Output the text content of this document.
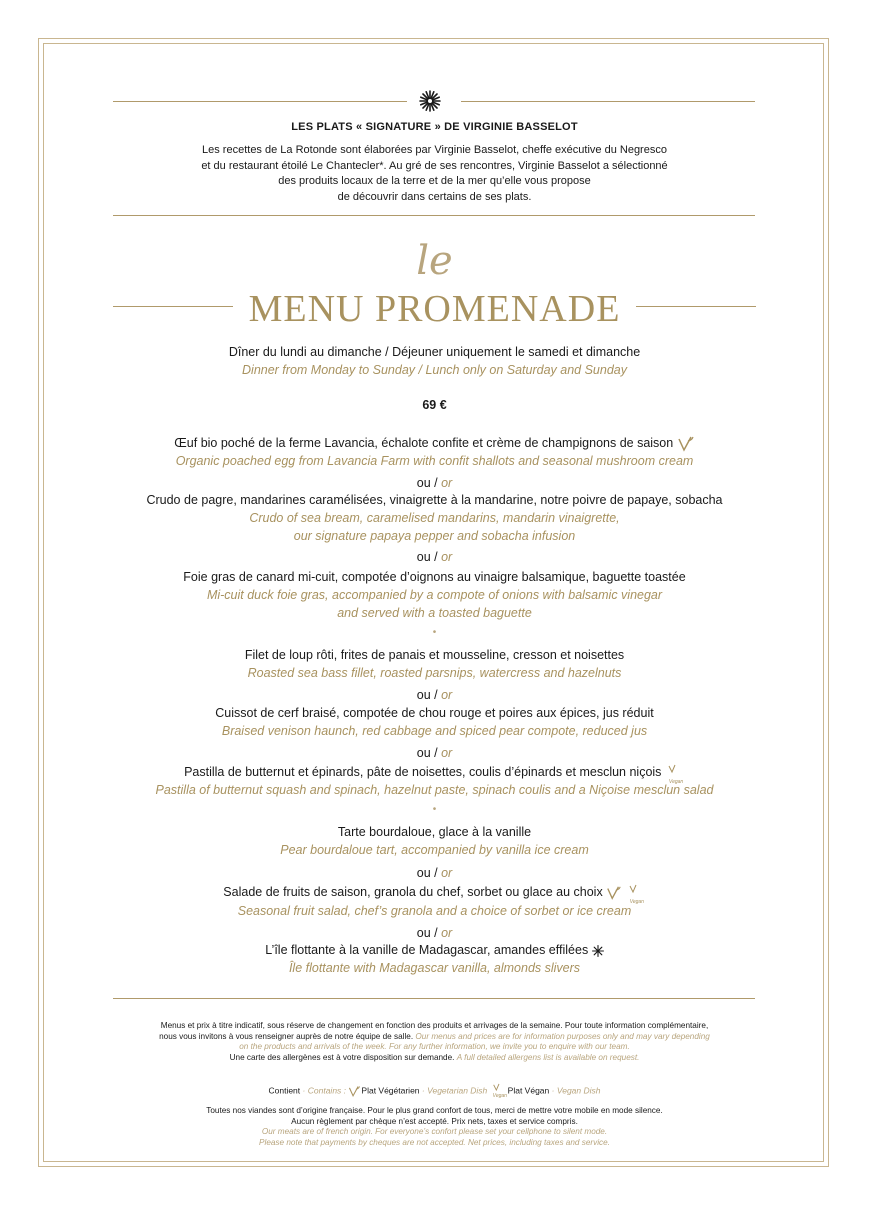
LES PLATS « SIGNATURE » DE VIRGINIE BASSELOT
Les recettes de La Rotonde sont élaborées par Virginie Basselot, cheffe exécutive du Negresco
et du restaurant étoilé Le Chantecler*. Au gré de ses rencontres, Virginie Basselot a sélectionné
des produits locaux de la terre et de la mer qu’elle vous propose
de découvrir dans certains de ses plats.
le
MENU PROMENADE
Dîner du lundi au dimanche / Déjeuner uniquement le samedi et dimanche
Dinner from Monday to Sunday / Lunch only on Saturday and Sunday
69 €
Œuf bio poché de la ferme Lavancia, échalote confite et crème de champignons de saison
Organic poached egg from Lavancia Farm with confit shallots and seasonal mushroom cream
ou / or
Crudo de pagre, mandarines caramélisées, vinaigrette à la mandarine, notre poivre de papaye, sobacha
Crudo of sea bream, caramelised mandarins, mandarin vinaigrette,
our signature papaya pepper and sobacha infusion
ou / or
Foie gras de canard mi-cuit, compotée d’oignons au vinaigre balsamique, baguette toastée
Mi-cuit duck foie gras, accompanied by a compote of onions with balsamic vinegar
and served with a toasted baguette
•
Filet de loup rôti, frites de panais et mousseline, cresson et noisettes
Roasted sea bass fillet, roasted parsnips, watercress and hazelnuts
ou / or
Cuissot de cerf braisé, compotée de chou rouge et poires aux épices, jus réduit
Braised venison haunch, red cabbage and spiced pear compote, reduced jus
ou / or
Pastilla de butternut et épinards, pâte de noisettes, coulis d’épinards et mesclun niçois
Vegan
Pastilla of butternut squash and spinach, hazelnut paste, spinach coulis and a Niçoise mesclun salad
•
Tarte bourdaloue, glace à la vanille
Pear bourdaloue tart, accompanied by vanilla ice cream
ou / or
Salade de fruits de saison, granola du chef, sorbet ou glace au choix
Vegan
Seasonal fruit salad, chef’s granola and a choice of sorbet or ice cream
ou / or
L’île flottante à la vanille de Madagascar, amandes effilées
Île flottante with Madagascar vanilla, almonds slivers
Menus et prix à titre indicatif, sous réserve de changement en fonction des produits et arrivages de la semaine. Pour toute information complémentaire,
nous vous invitons à vous renseigner auprès de notre équipe de salle. Our menus and prices are for information purposes only and may vary depending
on the products and arrivals of the week. For any further information, we invite you to enquire with our team.
Une carte des allergènes est à votre disposition sur demande. A full detailed allergens list is available on request.
Contient · Contains : Plat Végétarien · Vegetarian Dish
Vegan
Plat Végan · Vegan Dish
Toutes nos viandes sont d’origine française. Pour le plus grand confort de tous, merci de mettre votre mobile en mode silence.
Aucun règlement par chèque n’est accepté. Prix nets, taxes et service compris.
Our meats are of french origin. For everyone’s confort please set your cellphone to silent mode.
Please note that payments by cheques are not accepted. Net prices, including taxes and service.
